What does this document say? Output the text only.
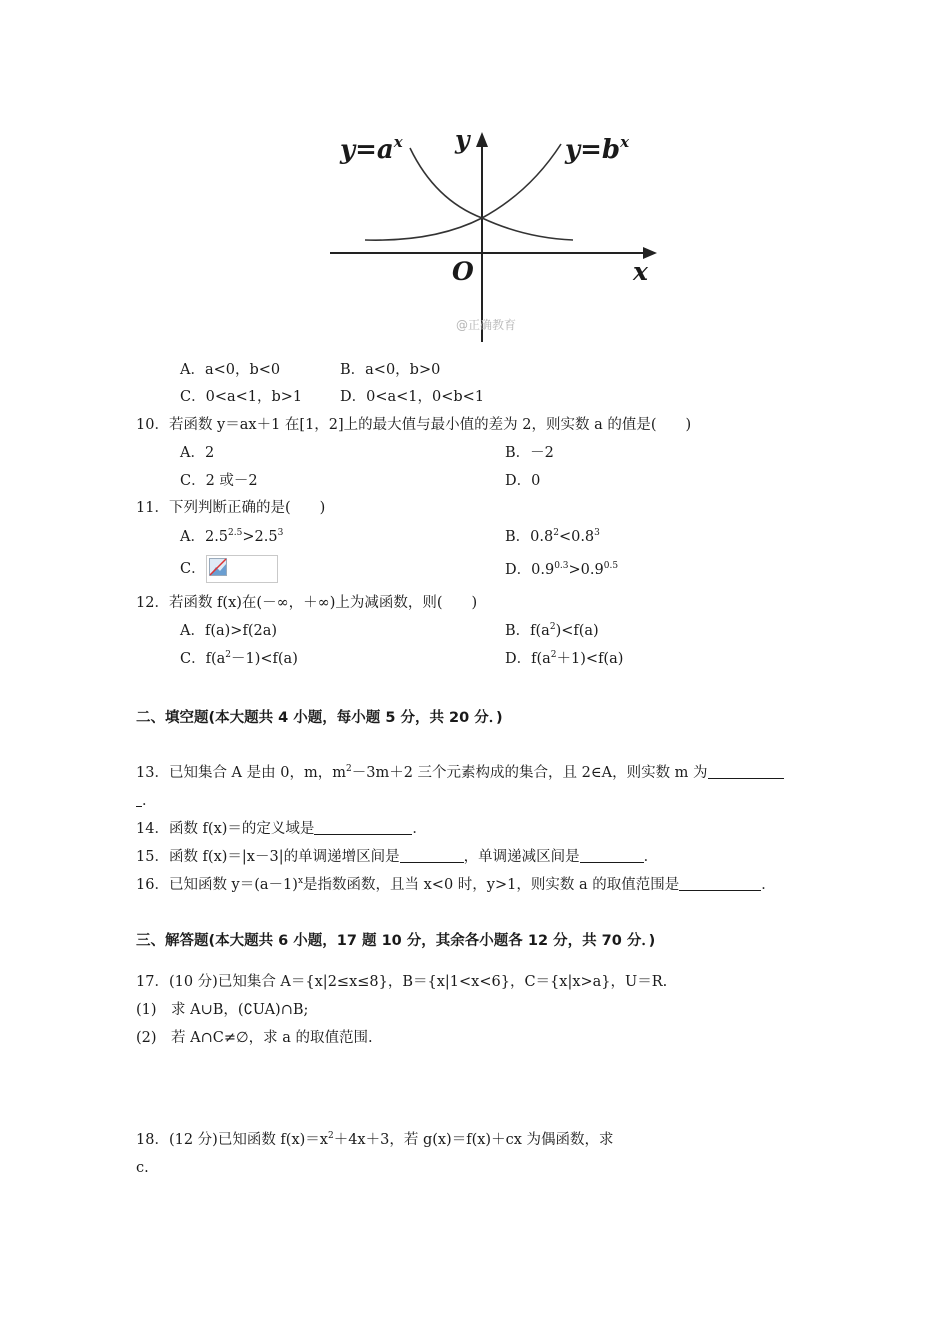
$y=a^x$	$y=b^x$
y
x
O
@正确教育
A．a<0，b<0	B．a<0，b>0
C．0<a<1，b>1	D．0<a<1，0<b<1
10．若函数 y＝ax＋1 在[1，2]上的最大值与最小值的差为 2，则实数 a 的值是(　　)
A．2	B．－2
C．2 或－2	D．0
11．下列判断正确的是(　　)
A．$2.5^{2.5}>2.5^3$	B．$0.8^2<0.8^3$
C．	D．$0.9^{0.3}>0.9^{0.5}$
12．若函数 f(x)在(－∞，＋∞)上为减函数，则(　　)
A．f(a)>f(2a)	B．$f(a^2)<f(a)$
C．$f(a^2-1)<f(a)$	D．$f(a^2+1)<f(a)$
二、填空题(本大题共 4 小题，每小题 5 分，共 20 分．)
13．已知集合 A 是由 0，m，$m^2-3m+2$ 三个元素构成的集合，且 2∈A，则实数 m 为
．
14．函数 f(x)＝的定义域是	．
15．函数 f(x)＝|x－3|的单调递增区间是	，单调递减区间是	．
16．已知函数 $y=(a-1)^x$是指数函数，且当 x<0 时，y>1，则实数 a 的取值范围是	．
三、解答题(本大题共 6 小题，17 题 10 分，其余各小题各 12 分，共 70 分．)
17．(10 分)已知集合 A＝{x|2≤x≤8}，B＝{x|1<x<6}，C＝{x|x>a}，U＝R.
(1)　求 A∪B，(∁UA)∩B;
(2)　若 A∩C≠∅，求 a 的取值范围.
18．(12 分)已知函数 $f(x)=x^2+4x+3$，若 g(x)＝f(x)＋cx 为偶函数，求
c.
